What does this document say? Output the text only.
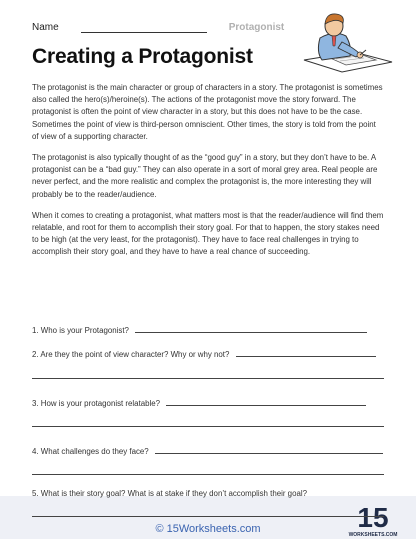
Name	Protagonist
Creating a Protagonist

The protagonist is the main character or group of characters in a story. The protagonist is sometimes also called the hero(s)/heroine(s). The actions of the protagonist move the story forward. The protagonist is often the point of view character in a story, but this does not have to be the case. Sometimes the point of view is third-person omniscient. Other times, the story is told from the point of view of a supporting character.

The protagonist is also typically thought of as the “good guy” in a story, but they don’t have to be. A protagonist can be a “bad guy.” They can also operate in a sort of moral grey area. Real people are never perfect, and the more realistic and complex the protagonist is, the more interesting they will probably be to the reader/audience.

When it comes to creating a protagonist, what matters most is that the reader/audience will find them relatable, and root for them to accomplish their story goal. For that to happen, the story stakes need to be high (at the very least, for the protagonist). They have to face real challenges in trying to accomplish their story goal, and they have to have a real chance of succeeding.

1. Who is your Protagonist?
2. Are they the point of view character? Why or why not?
3. How is your protagonist relatable?
4. What challenges do they face?
5. What is their story goal? What is at stake if they don’t accomplish their goal?
© 15Worksheets.com	15
WORKSHEETS.COM
